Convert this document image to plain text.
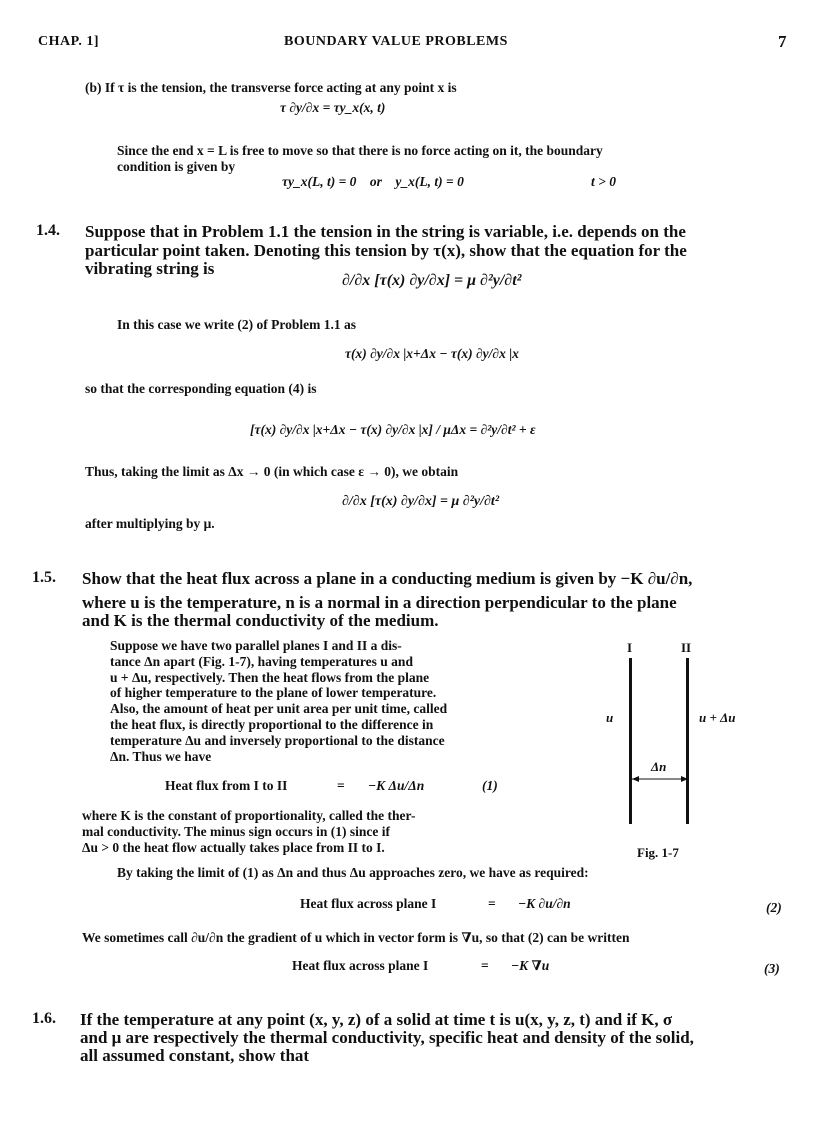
CHAP. 1]	BOUNDARY VALUE PROBLEMS	7
(b) If τ is the tension, the transverse force acting at any point x is
τ ∂y/∂x = τy_x(x, t)
Since the end x = L is free to move so that there is no force acting on it, the boundary
condition is given by
τy_x(L, t) = 0    or    y_x(L, t) = 0	t > 0
1.4. Suppose that in Problem 1.1 the tension in the string is variable, i.e. depends on the
particular point taken. Denoting this tension by τ(x), show that the equation for the
vibrating string is
∂/∂x [τ(x) ∂y/∂x] = μ ∂²y/∂t²
In this case we write (2) of Problem 1.1 as
τ(x) ∂y/∂x |x+Δx − τ(x) ∂y/∂x |x
so that the corresponding equation (4) is
[τ(x) ∂y/∂x |x+Δx − τ(x) ∂y/∂x |x] / μΔx = ∂²y/∂t² + ε
Thus, taking the limit as Δx → 0 (in which case ε → 0), we obtain
∂/∂x [τ(x) ∂y/∂x] = μ ∂²y/∂t²
after multiplying by μ.
1.5. Show that the heat flux across a plane in a conducting medium is given by −K ∂u/∂n,
where u is the temperature, n is a normal in a direction perpendicular to the plane
and K is the thermal conductivity of the medium.
Suppose we have two parallel planes I and II a dis-
tance Δn apart (Fig. 1-7), having temperatures u and
u + Δu, respectively. Then the heat flows from the plane
of higher temperature to the plane of lower temperature.
Also, the amount of heat per unit area per unit time, called
the heat flux, is directly proportional to the difference in
temperature Δu and inversely proportional to the distance
Δn. Thus we have
Heat flux from I to II	= −K Δu/Δn	(1)
where K is the constant of proportionality, called the ther-
mal conductivity. The minus sign occurs in (1) since if
Δu > 0 the heat flow actually takes place from II to I.
I	II
u	u + Δu
Δn
Fig. 1-7
By taking the limit of (1) as Δn and thus Δu approaches zero, we have as required:
Heat flux across plane I	= −K ∂u/∂n	(2)
We sometimes call ∂u/∂n the gradient of u which in vector form is ∇u, so that (2) can be written
Heat flux across plane I	= −K ∇u	(3)
1.6. If the temperature at any point (x, y, z) of a solid at time t is u(x, y, z, t) and if K, σ
and μ are respectively the thermal conductivity, specific heat and density of the solid,
all assumed constant, show that
